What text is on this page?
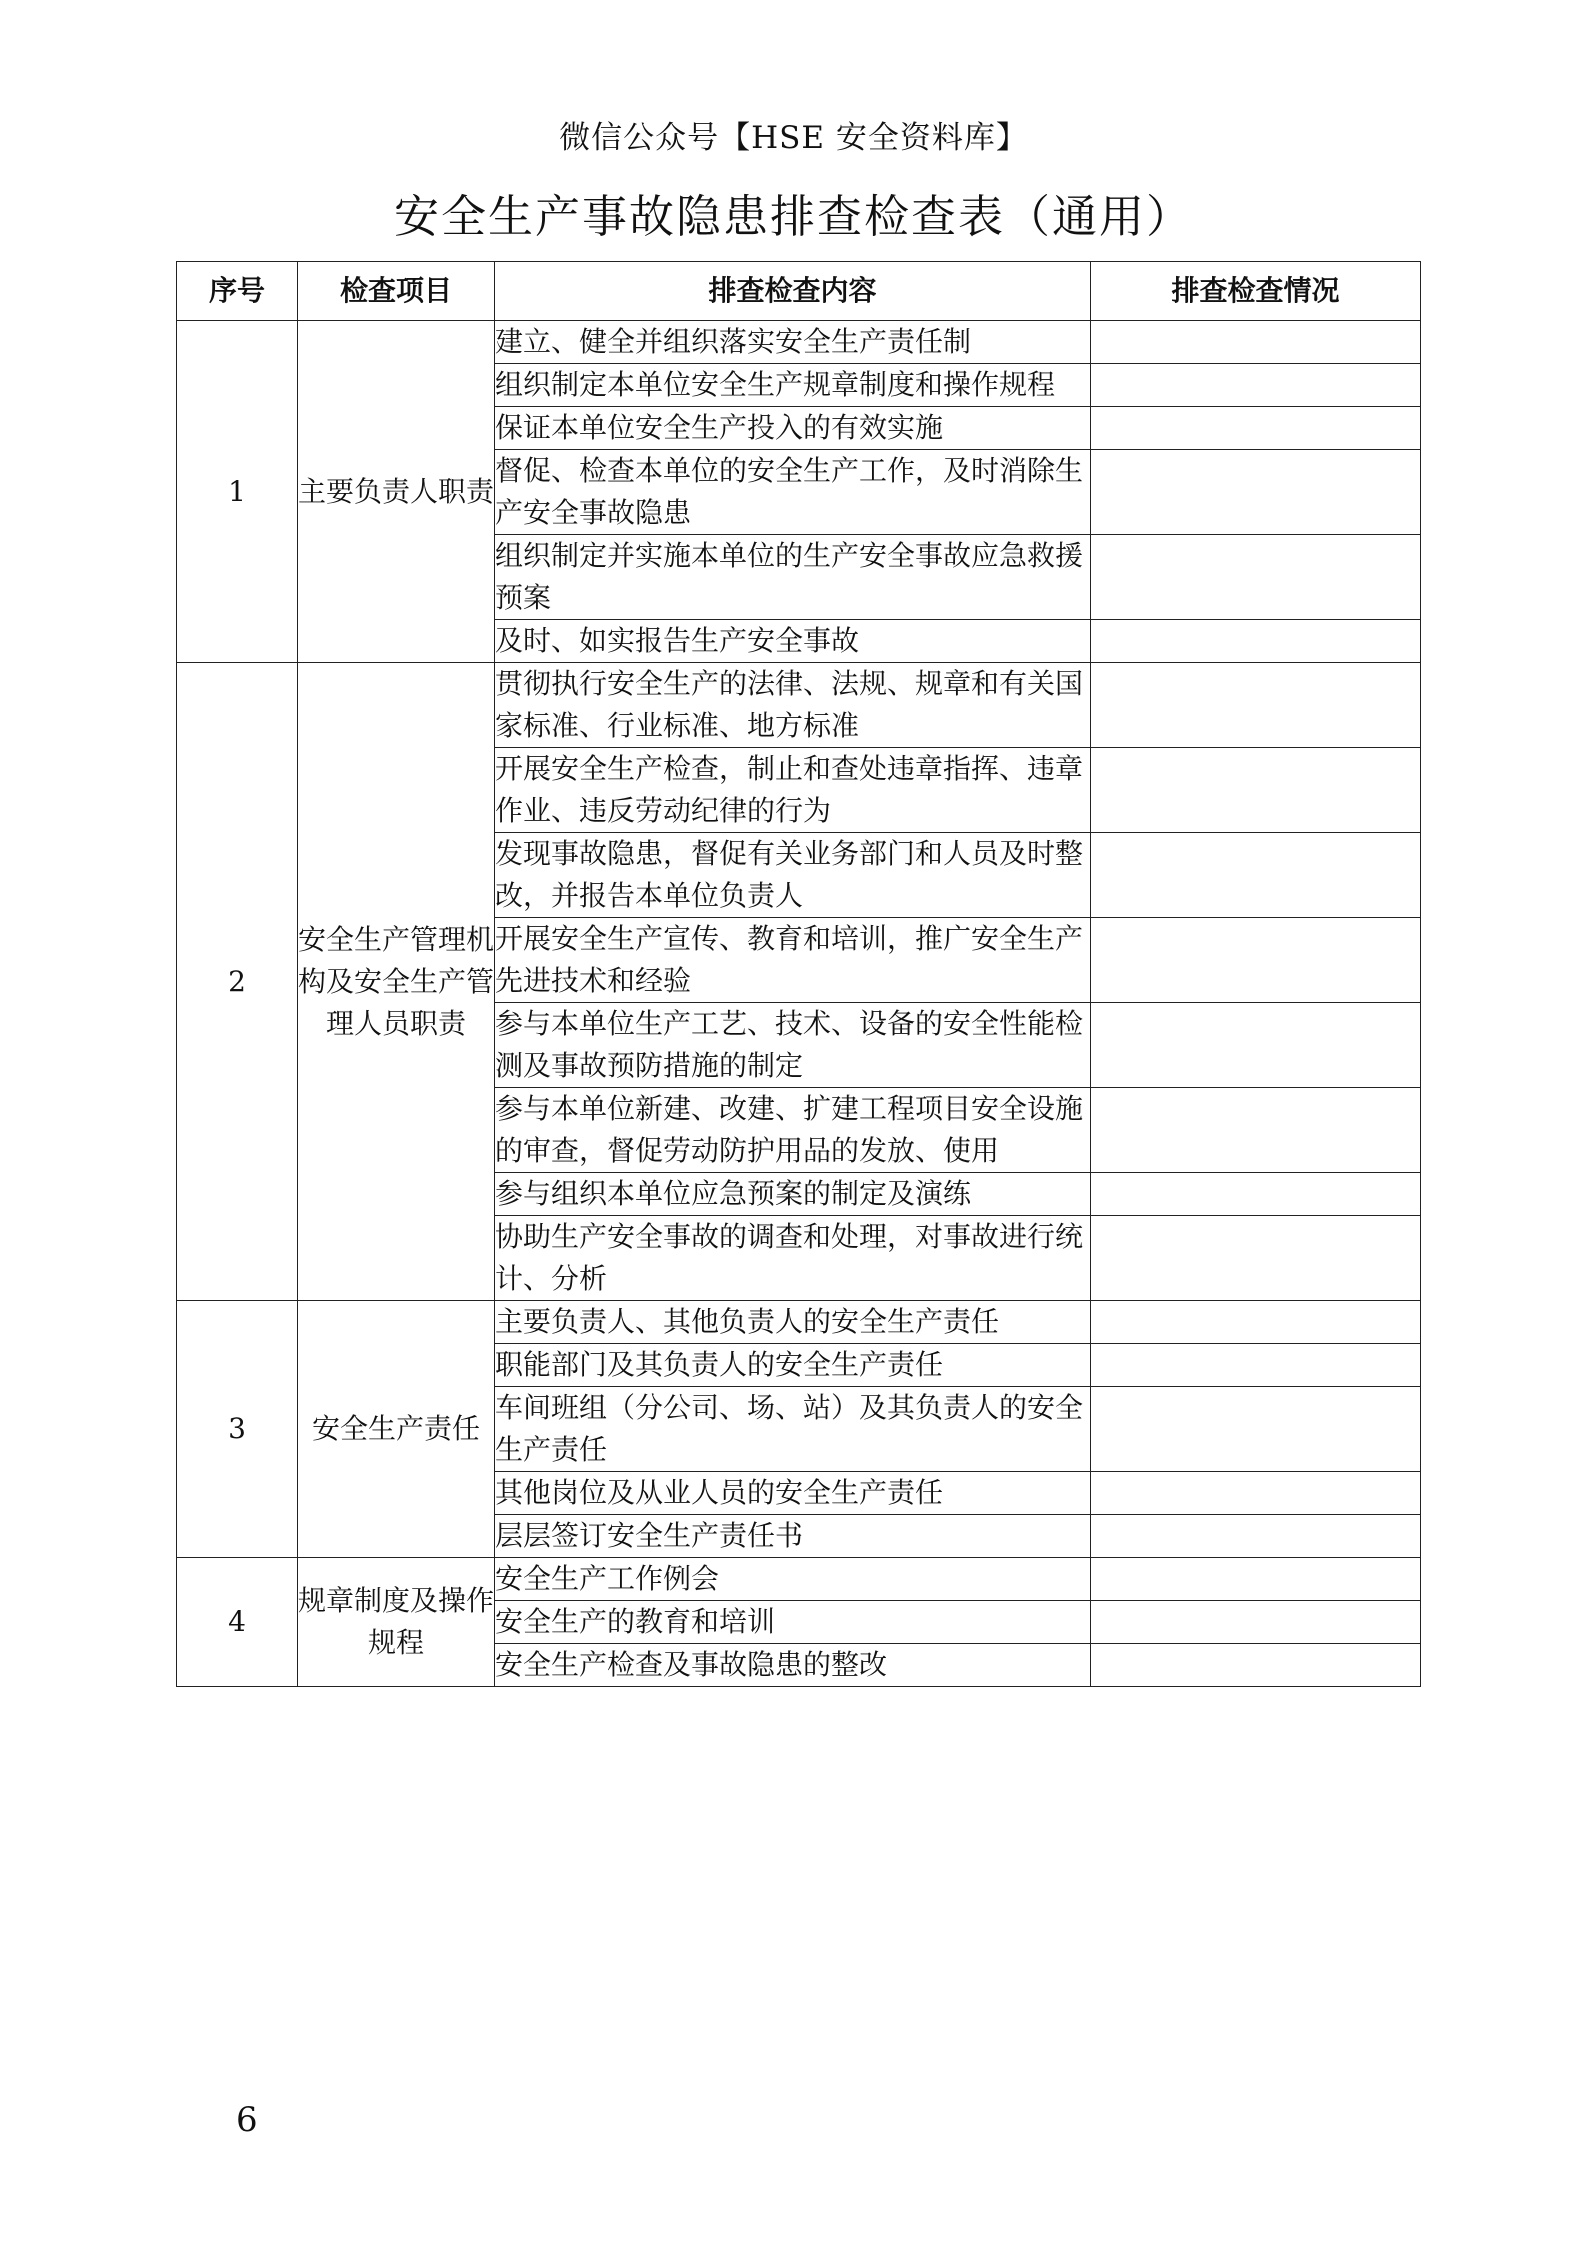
微信公众号【HSE 安全资料库】
安全生产事故隐患排查检查表（通用）
序号	检查项目	排查检查内容	排查检查情况
1	主要负责人职责	建立、健全并组织落实安全生产责任制	
		组织制定本单位安全生产规章制度和操作规程	
		保证本单位安全生产投入的有效实施	
		督促、检查本单位的安全生产工作，及时消除生产安全事故隐患	
		组织制定并实施本单位的生产安全事故应急救援预案	
		及时、如实报告生产安全事故	
2	安全生产管理机构及安全生产管理人员职责	贯彻执行安全生产的法律、法规、规章和有关国家标准、行业标准、地方标准	
		开展安全生产检查，制止和查处违章指挥、违章作业、违反劳动纪律的行为	
		发现事故隐患，督促有关业务部门和人员及时整改，并报告本单位负责人	
		开展安全生产宣传、教育和培训，推广安全生产先进技术和经验	
		参与本单位生产工艺、技术、设备的安全性能检测及事故预防措施的制定	
		参与本单位新建、改建、扩建工程项目安全设施的审查，督促劳动防护用品的发放、使用	
		参与组织本单位应急预案的制定及演练	
		协助生产安全事故的调查和处理，对事故进行统计、分析	
3	安全生产责任	主要负责人、其他负责人的安全生产责任	
		职能部门及其负责人的安全生产责任	
		车间班组（分公司、场、站）及其负责人的安全生产责任	
		其他岗位及从业人员的安全生产责任	
		层层签订安全生产责任书	
4	规章制度及操作规程	安全生产工作例会	
		安全生产的教育和培训	
		安全生产检查及事故隐患的整改	
6
